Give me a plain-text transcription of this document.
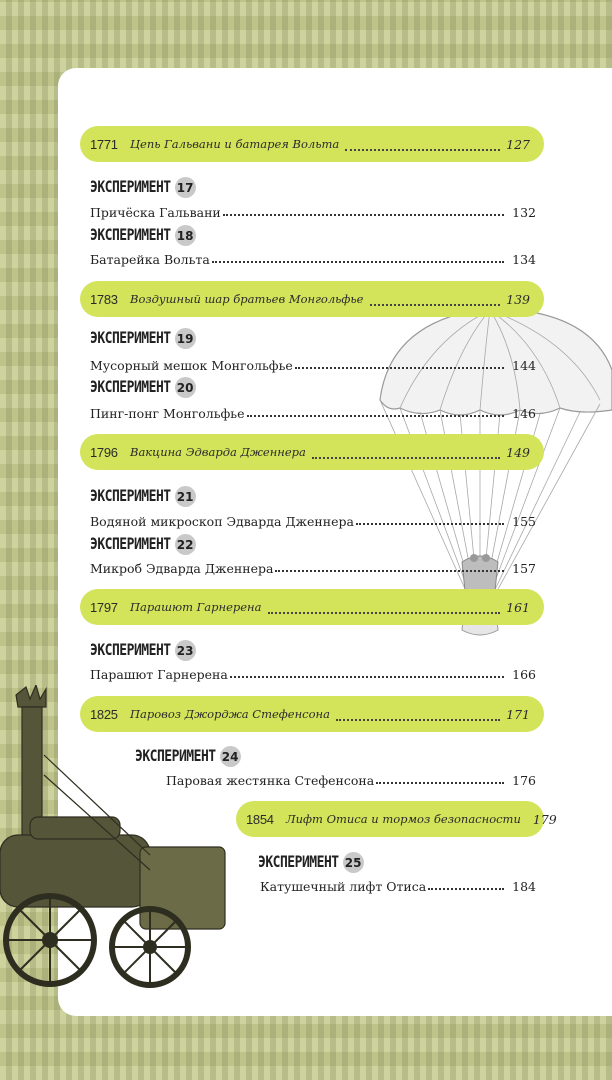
1771	Цепь Гальвани и батарея Вольта	127
ЭКСПЕРИМЕНТ 17
Причёска Гальвани	132
ЭКСПЕРИМЕНТ 18
Батарейка Вольта	134
1783	Воздушный шар братьев Монгольфье	139
ЭКСПЕРИМЕНТ 19
Мусорный мешок Монгольфье	144
ЭКСПЕРИМЕНТ 20
Пинг-понг Монгольфье	146
1796	Вакцина Эдварда Дженнера	149
ЭКСПЕРИМЕНТ 21
Водяной микроскоп Эдварда Дженнера	155
ЭКСПЕРИМЕНТ 22
Микроб Эдварда Дженнера	157
1797	Парашют Гарнерена	161
ЭКСПЕРИМЕНТ 23
Парашют Гарнерена	166
1825	Паровоз Джорджа Стефенсона	171
ЭКСПЕРИМЕНТ 24
Паровая жестянка Стефенсона	176
1854	Лифт Отиса и тормоз безопасности 179
ЭКСПЕРИМЕНТ 25
Катушечный лифт Отиса	184
